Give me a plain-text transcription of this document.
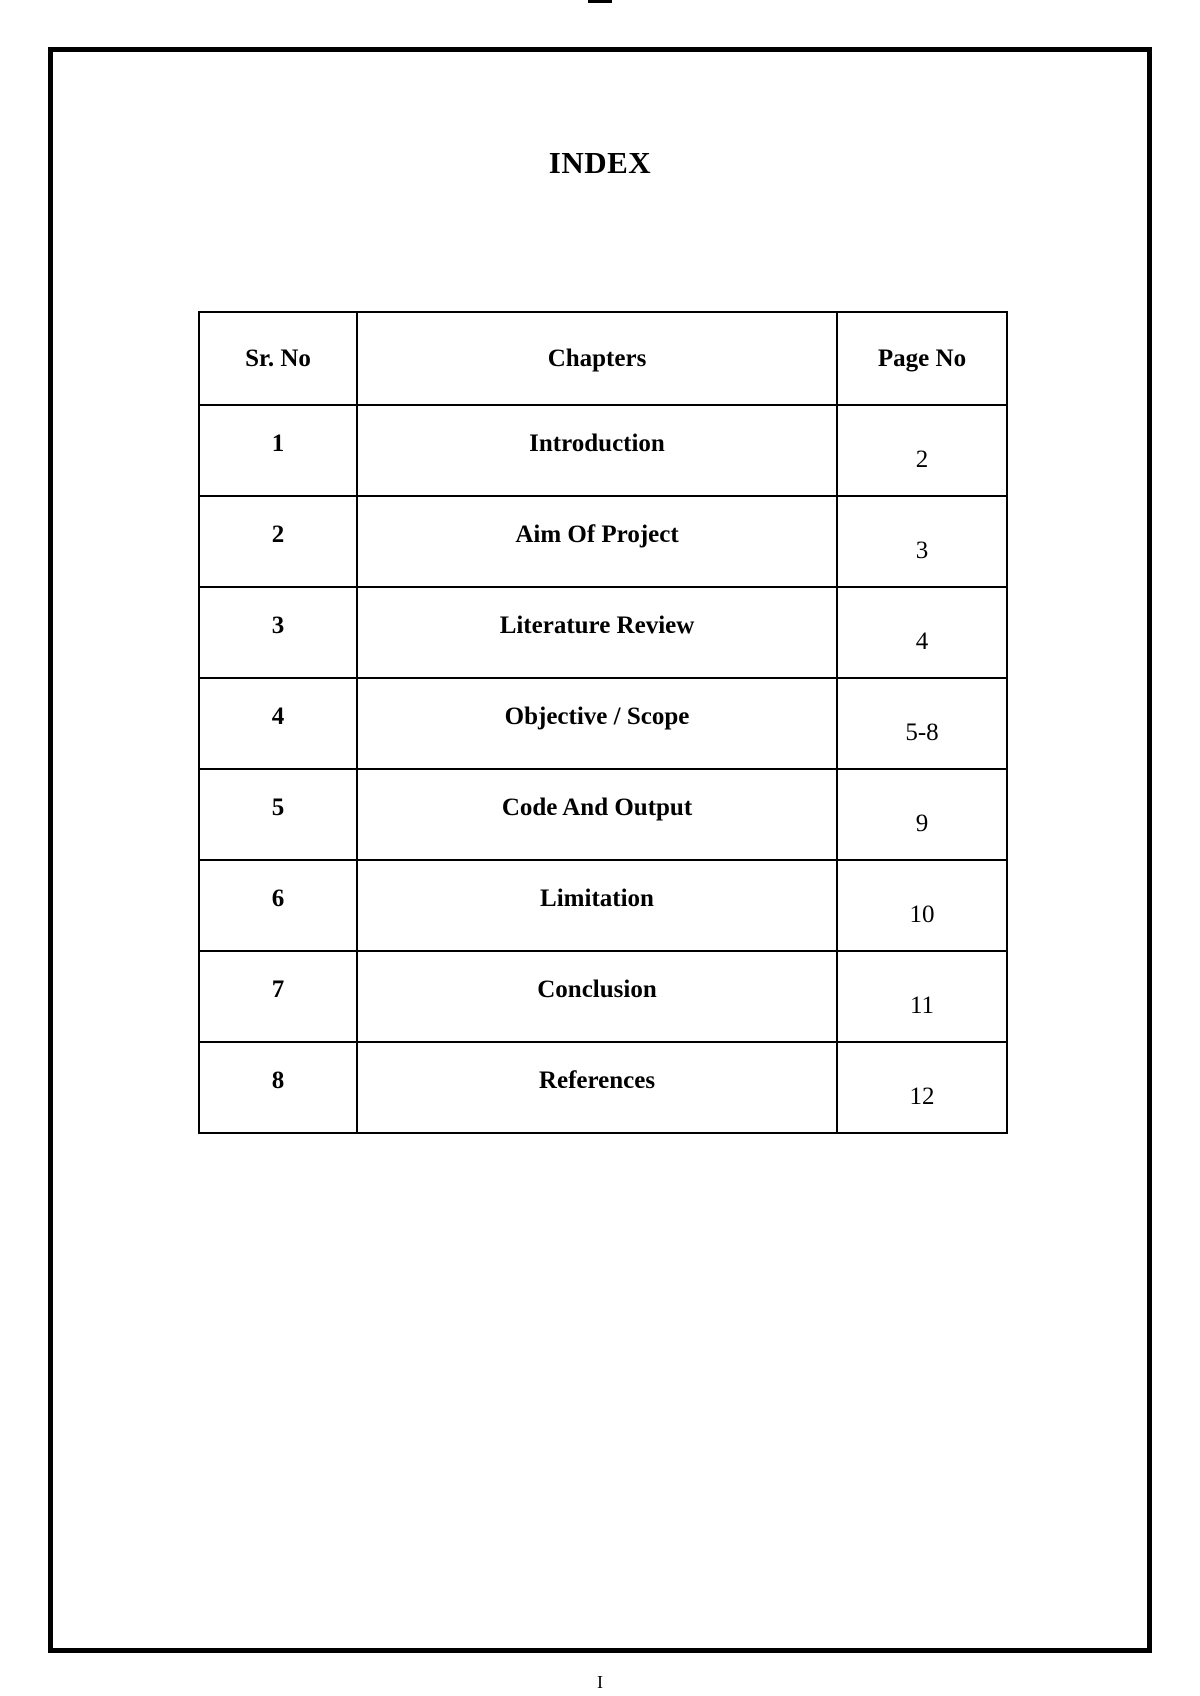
INDEX
Sr. No	Chapters	Page No
1	Introduction	2
2	Aim Of Project	3
3	Literature Review	4
4	Objective / Scope	5-8
5	Code And Output	9
6	Limitation	10
7	Conclusion	11
8	References	12
I
